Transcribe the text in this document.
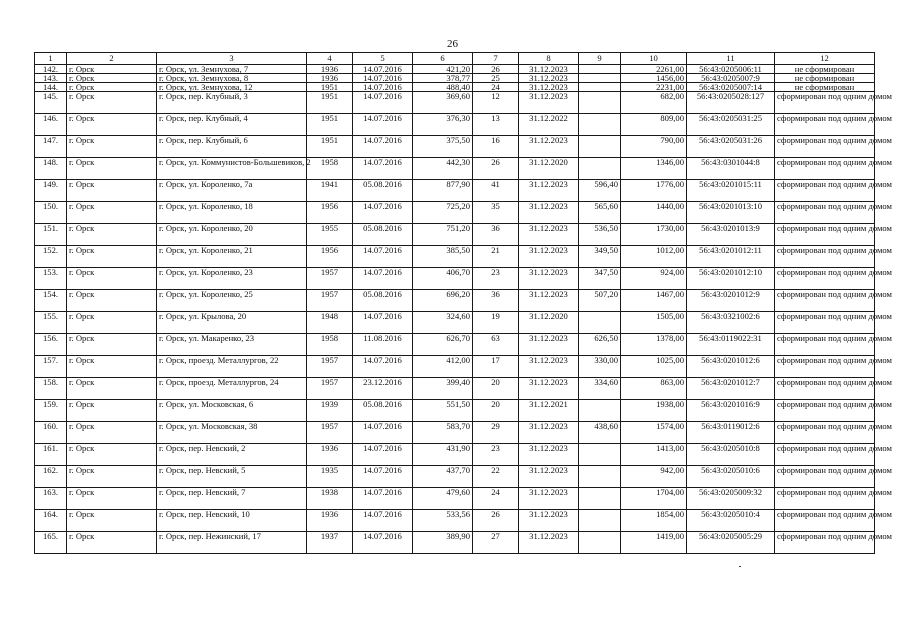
26
1	2	3	4	5	6	7	8	9	10	11	12
142.	г. Орск	г. Орск, ул. Земнухова, 7	1936	14.07.2016	421,20	26	31.12.2023		2261,00	56:43:0205006:11	не сформирован
143.	г. Орск	г. Орск, ул. Земнухова, 8	1936	14.07.2016	378,77	25	31.12.2023		1456,00	56:43:0205007:9	не сформирован
144.	г. Орск	г. Орск, ул. Земнухова, 12	1951	14.07.2016	488,40	24	31.12.2023		2231,00	56:43:0205007:14	не сформирован
145.	г. Орск	г. Орск, пер. Клубный, 3	1951	14.07.2016	369,60	12	31.12.2023		682,00	56:43:0205028:127	сформирован под одним домом
146.	г. Орск	г. Орск, пер. Клубный, 4	1951	14.07.2016	376,30	13	31.12.2022		809,00	56:43:0205031:25	сформирован под одним домом
147.	г. Орск	г. Орск, пер. Клубный, 6	1951	14.07.2016	375,50	16	31.12.2023		790,00	56:43:0205031:26	сформирован под одним домом
148.	г. Орск	г. Орск, ул. Коммунистов-Большевиков, 2	1958	14.07.2016	442,30	26	31.12.2020		1346,00	56:43:0301044:8	сформирован под одним домом
149.	г. Орск	г. Орск, ул. Короленко, 7а	1941	05.08.2016	877,90	41	31.12.2023	596,40	1776,00	56:43:0201015:11	сформирован под одним домом
150.	г. Орск	г. Орск, ул. Короленко, 18	1956	14.07.2016	725,20	35	31.12.2023	565,60	1440,00	56:43:0201013:10	сформирован под одним домом
151.	г. Орск	г. Орск, ул. Короленко, 20	1955	05.08.2016	751,20	36	31.12.2023	536,50	1730,00	56:43:0201013:9	сформирован под одним домом
152.	г. Орск	г. Орск, ул. Короленко, 21	1956	14.07.2016	385,50	21	31.12.2023	349,50	1012,00	56:43:0201012:11	сформирован под одним домом
153.	г. Орск	г. Орск, ул. Короленко, 23	1957	14.07.2016	406,70	23	31.12.2023	347,50	924,00	56:43:0201012:10	сформирован под одним домом
154.	г. Орск	г. Орск, ул. Короленко, 25	1957	05.08.2016	696,20	36	31.12.2023	507,20	1467,00	56:43:0201012:9	сформирован под одним домом
155.	г. Орск	г. Орск, ул. Крылова, 20	1948	14.07.2016	324,60	19	31.12.2020		1505,00	56:43:0321002:6	сформирован под одним домом
156.	г. Орск	г. Орск, ул. Макаренко, 23	1958	11.08.2016	626,70	63	31.12.2023	626,50	1378,00	56:43:0119022:31	сформирован под одним домом
157.	г. Орск	г. Орск, проезд. Металлургов, 22	1957	14.07.2016	412,00	17	31.12.2023	330,00	1025,00	56:43:0201012:6	сформирован под одним домом
158.	г. Орск	г. Орск, проезд. Металлургов, 24	1957	23.12.2016	399,40	20	31.12.2023	334,60	863,00	56:43:0201012:7	сформирован под одним домом
159.	г. Орск	г. Орск, ул. Московская, 6	1939	05.08.2016	551,50	20	31.12.2021		1938,00	56:43:0201016:9	сформирован под одним домом
160.	г. Орск	г. Орск, ул. Московская, 38	1957	14.07.2016	583,70	29	31.12.2023	438,60	1574,00	56:43:0119012:6	сформирован под одним домом
161.	г. Орск	г. Орск, пер. Невский, 2	1936	14.07.2016	431,90	23	31.12.2023		1413,00	56:43:0205010:8	сформирован под одним домом
162.	г. Орск	г. Орск, пер. Невский, 5	1935	14.07.2016	437,70	22	31.12.2023		942,00	56:43:0205010:6	сформирован под одним домом
163.	г. Орск	г. Орск, пер. Невский, 7	1938	14.07.2016	479,60	24	31.12.2023		1704,00	56:43:0205009:32	сформирован под одним домом
164.	г. Орск	г. Орск, пер. Невский, 10	1936	14.07.2016	533,56	26	31.12.2023		1854,00	56:43:0205010:4	сформирован под одним домом
165.	г. Орск	г. Орск, пер. Нежинский, 17	1937	14.07.2016	389,90	27	31.12.2023		1419,00	56:43:0205005:29	сформирован под одним домом
